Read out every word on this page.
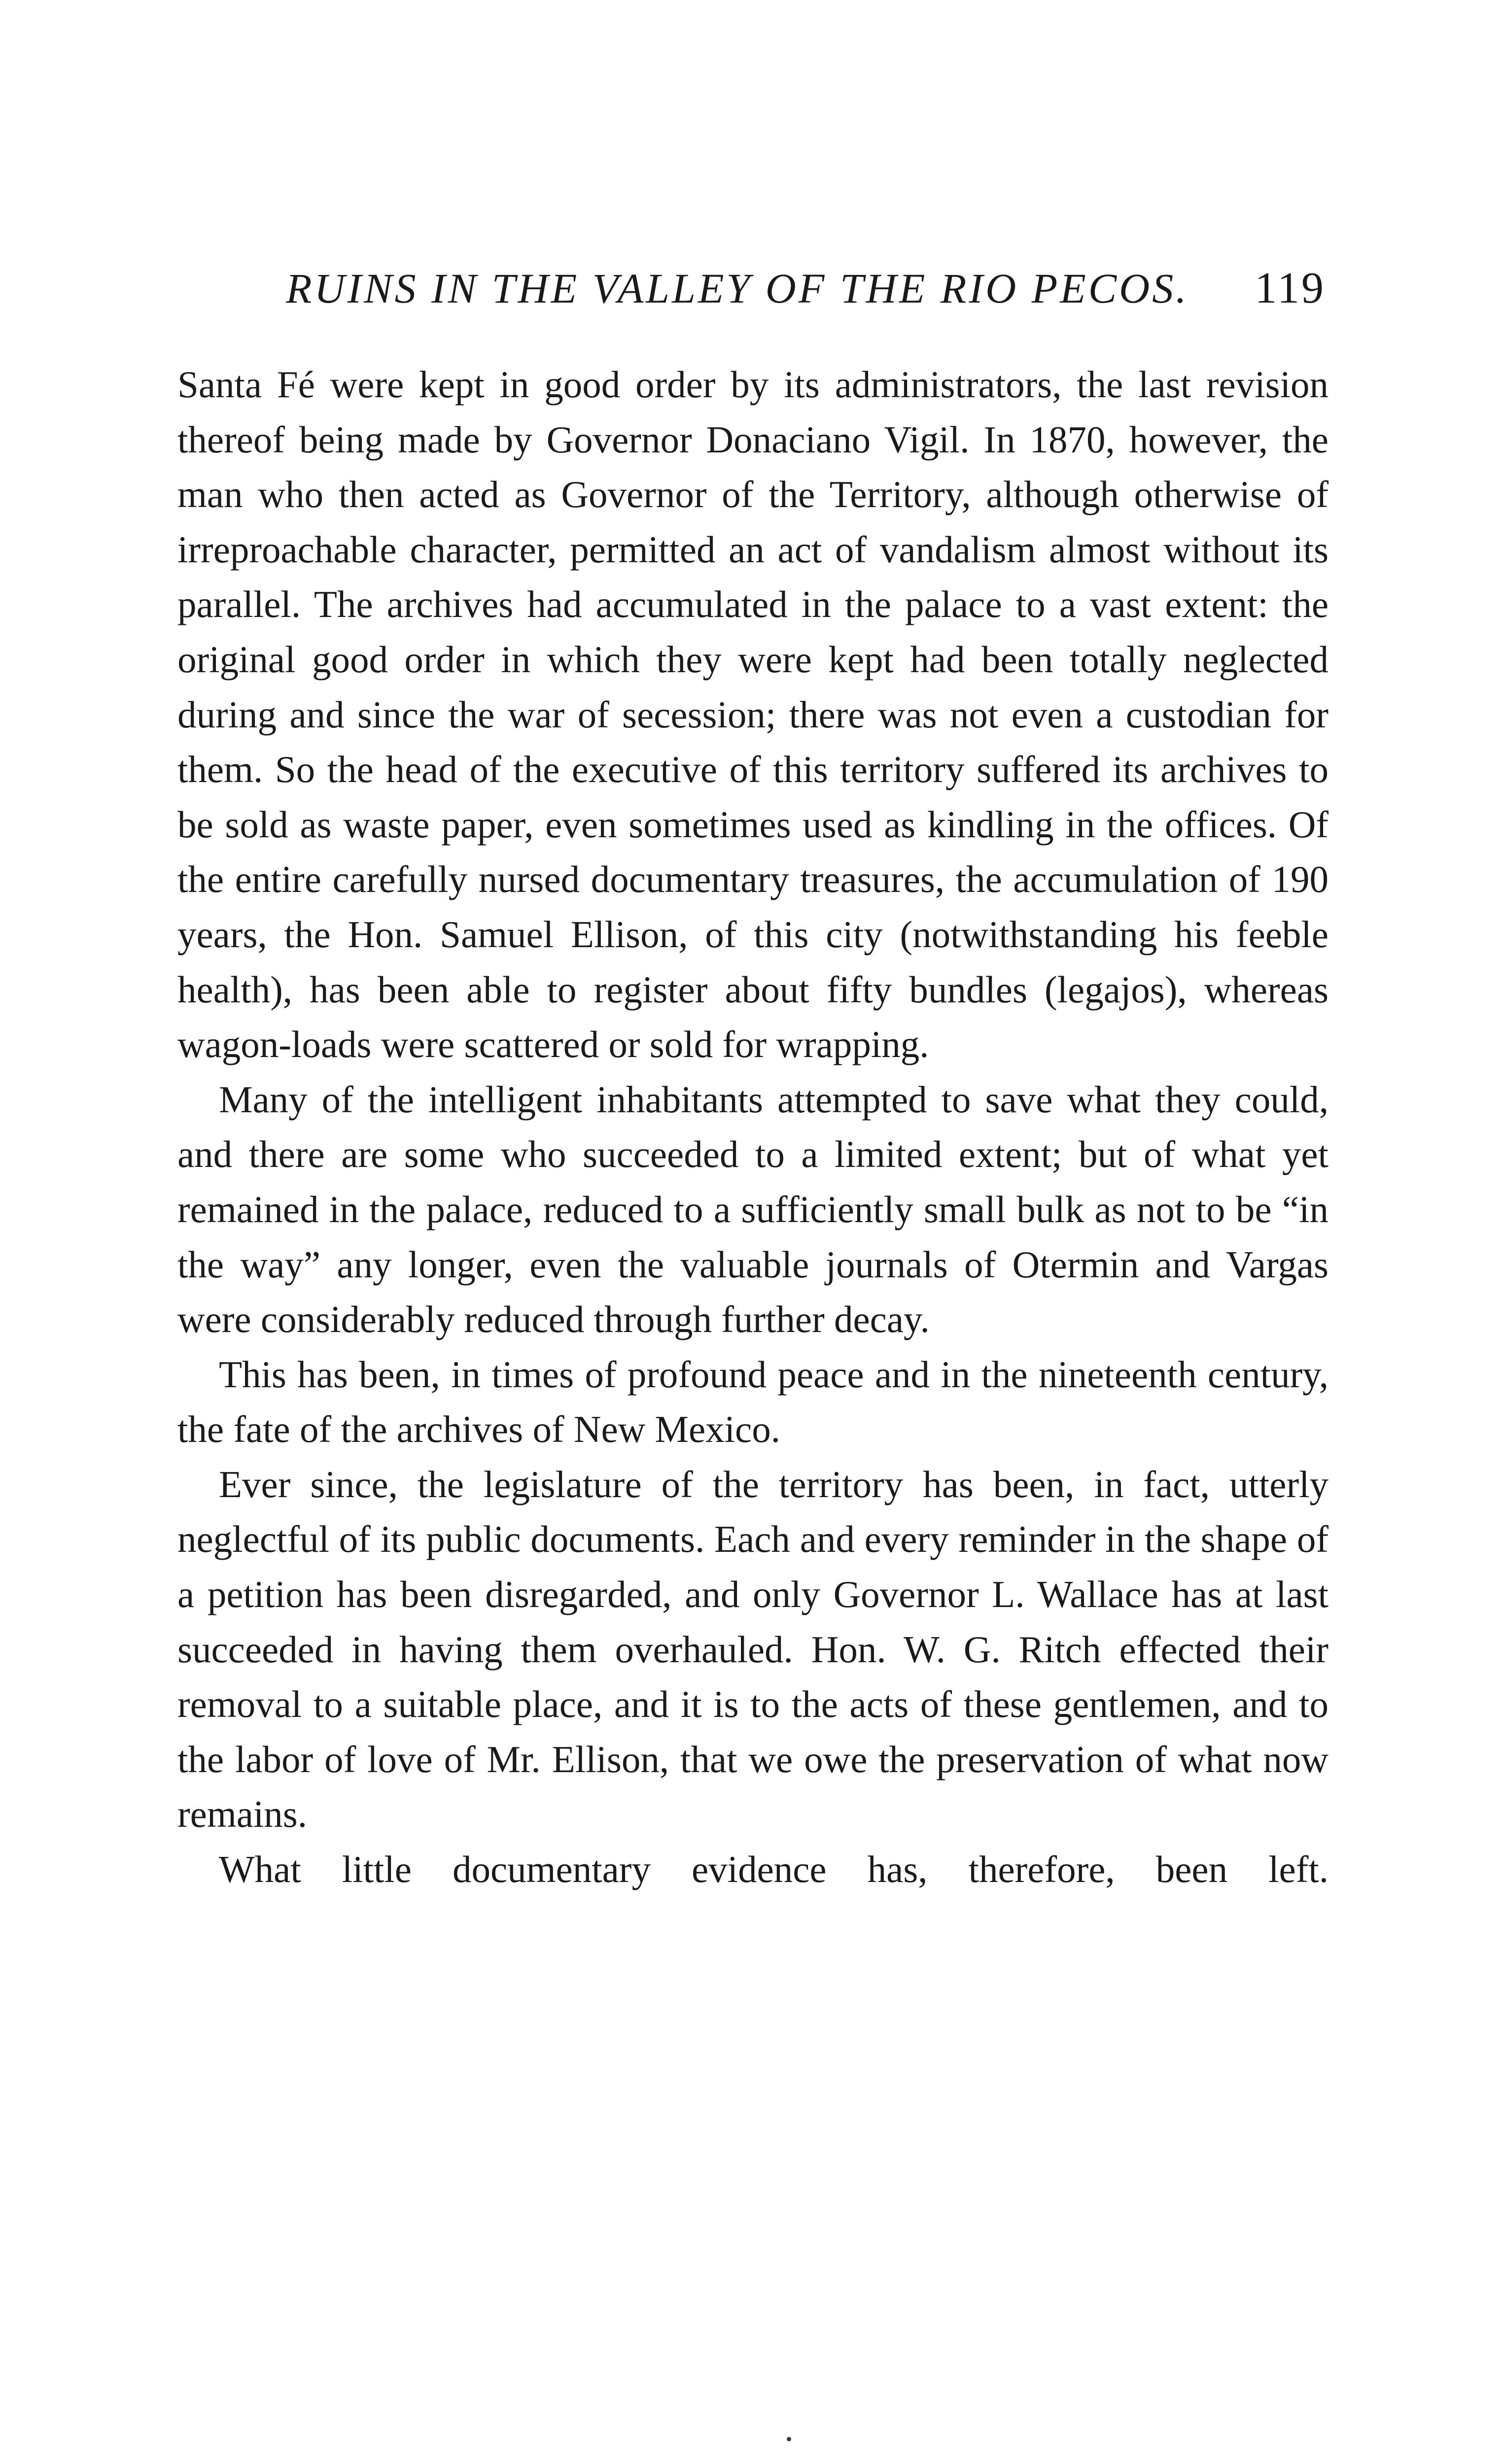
RUINS IN THE VALLEY OF THE RIO PECOS. 119

Santa Fé were kept in good order by its administrators, the last revision thereof being made by Governor Donaciano Vigil. In 1870, however, the man who then acted as Governor of the Territory, although otherwise of irreproachable character, permitted an act of vandalism almost without its parallel. The archives had accumulated in the palace to a vast extent: the original good order in which they were kept had been totally neglected during and since the war of secession; there was not even a custodian for them. So the head of the executive of this territory suffered its archives to be sold as waste paper, even sometimes used as kindling in the offices. Of the entire carefully nursed documentary treasures, the accumulation of 190 years, the Hon. Samuel Ellison, of this city (notwithstanding his feeble health), has been able to register about fifty bundles (legajos), whereas wagon-loads were scattered or sold for wrapping.

Many of the intelligent inhabitants attempted to save what they could, and there are some who succeeded to a limited extent; but of what yet remained in the palace, reduced to a sufficiently small bulk as not to be “in the way” any longer, even the valuable journals of Otermin and Vargas were considerably reduced through further decay.

This has been, in times of profound peace and in the nineteenth century, the fate of the archives of New Mexico.

Ever since, the legislature of the territory has been, in fact, utterly neglectful of its public documents. Each and every reminder in the shape of a petition has been disregarded, and only Governor L. Wallace has at last succeeded in having them overhauled. Hon. W. G. Ritch effected their removal to a suitable place, and it is to the acts of these gentlemen, and to the labor of love of Mr. Ellison, that we owe the preservation of what now remains.

What little documentary evidence has, therefore, been left.
